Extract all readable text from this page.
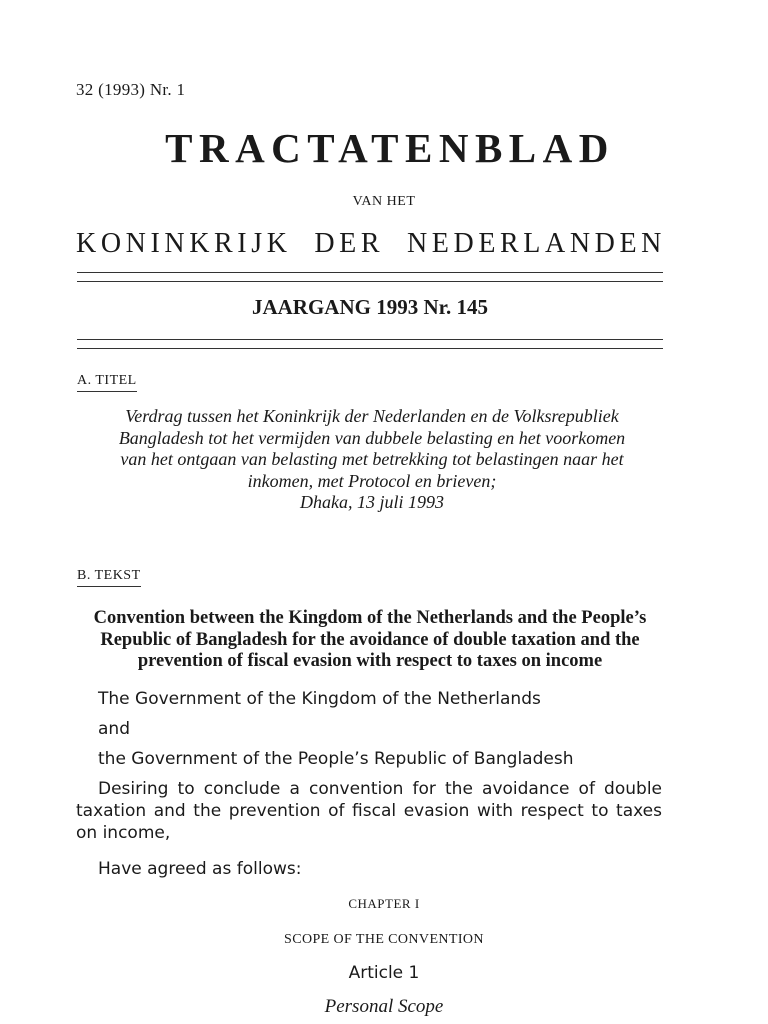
32 (1993) Nr. 1
TRACTATENBLAD
VAN HET
KONINKRIJK DER NEDERLANDEN
JAARGANG 1993 Nr. 145
A. TITEL
Verdrag tussen het Koninkrijk der Nederlanden en de Volksrepubliek
Bangladesh tot het vermijden van dubbele belasting en het voorkomen
van het ontgaan van belasting met betrekking tot belastingen naar het
inkomen, met Protocol en brieven;
Dhaka, 13 juli 1993
B. TEKST
Convention between the Kingdom of the Netherlands and the People’s
Republic of Bangladesh for the avoidance of double taxation and the
prevention of fiscal evasion with respect to taxes on income
The Government of the Kingdom of the Netherlands
and
the Government of the People’s Republic of Bangladesh
Desiring to conclude a convention for the avoidance of double taxation and the prevention of fiscal evasion with respect to taxes on income,
Have agreed as follows:
CHAPTER I
SCOPE OF THE CONVENTION
Article 1
Personal Scope
